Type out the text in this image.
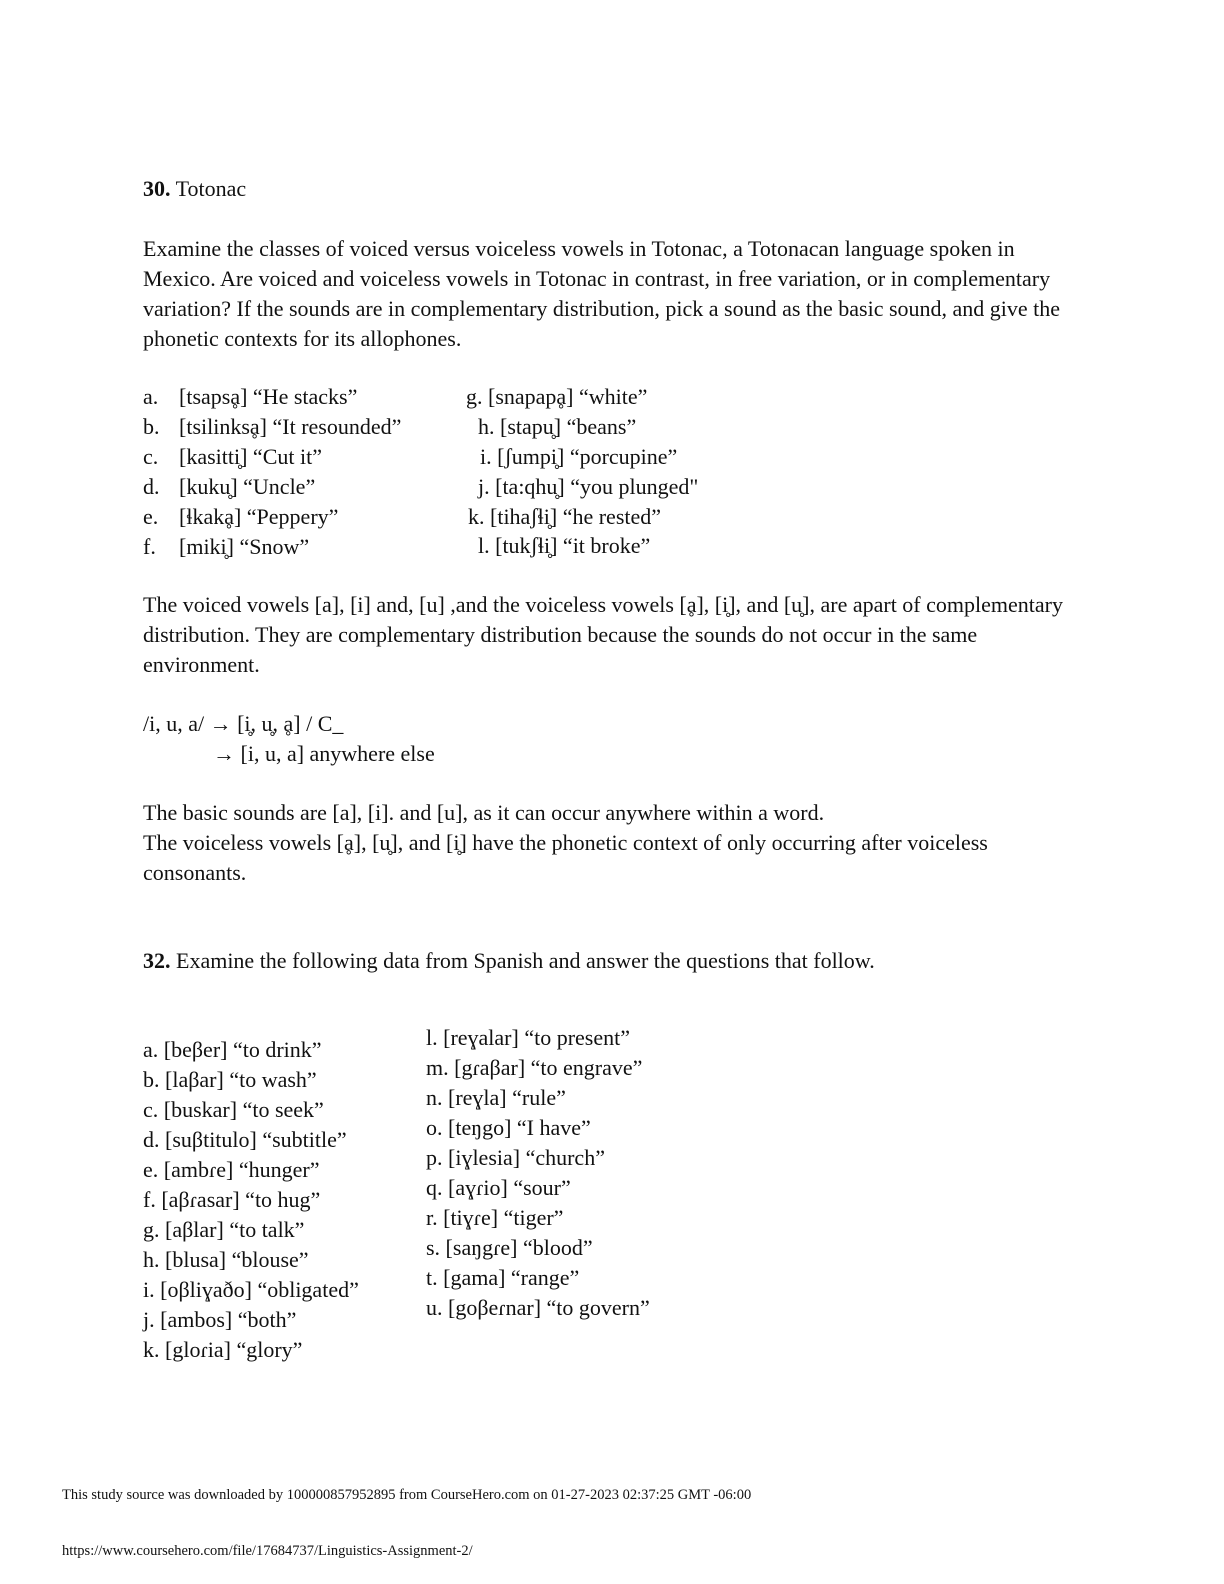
30. Totonac
Examine the classes of voiced versus voiceless vowels in Totonac, a Totonacan language spoken in Mexico. Are voiced and voiceless vowels in Totonac in contrast, in free variation, or in complementary variation? If the sounds are in complementary distribution, pick a sound as the basic sound, and give the phonetic contexts for its allophones.
a. [tsapsḁ] “He stacks”
b. [tsilinksḁ] “It resounded”
c. [kasitti̥] “Cut it”
d. [kuku̥] “Uncle”
e. [ɬkakḁ] “Peppery”
f. [miki̥] “Snow”
g. [snapapḁ] “white”
h. [stapu̥] “beans”
i. [ʃumpi̥] “porcupine”
j. [ta:qhu̥] “you plunged"
k. [tihaʃɬi̥] “he rested”
l. [tukʃɬi̥] “it broke”
The voiced vowels [a], [i] and, [u] ,and the voiceless vowels [ḁ], [i̥], and [u̥], are apart of complementary distribution. They are complementary distribution because the sounds do not occur in the same environment.
/i, u, a/ → [i̥, u̥, ḁ] / C_
→ [i, u, a] anywhere else
The basic sounds are [a], [i]. and [u], as it can occur anywhere within a word.
The voiceless vowels [ḁ], [u̥], and [i̥] have the phonetic context of only occurring after voiceless consonants.
32. Examine the following data from Spanish and answer the questions that follow.
a. [beβer] “to drink”
b. [laβar] “to wash”
c. [buskar] “to seek”
d. [suβtitulo] “subtitle”
e. [ambɾe] “hunger”
f. [aβɾasar] “to hug”
g. [aβlar] “to talk”
h. [blusa] “blouse”
i. [oβliɣaðo] “obligated”
j. [ambos] “both”
k. [gloɾia] “glory”
l. [reɣalar] “to present”
m. [gɾaβar] “to engrave”
n. [reɣla] “rule”
o. [teŋgo] “I have”
p. [iɣlesia] “church”
q. [aɣɾio] “sour”
r. [tiɣɾe] “tiger”
s. [saŋgɾe] “blood”
t. [gama] “range”
u. [goβeɾnar] “to govern”
This study source was downloaded by 100000857952895 from CourseHero.com on 01-27-2023 02:37:25 GMT -06:00
https://www.coursehero.com/file/17684737/Linguistics-Assignment-2/
